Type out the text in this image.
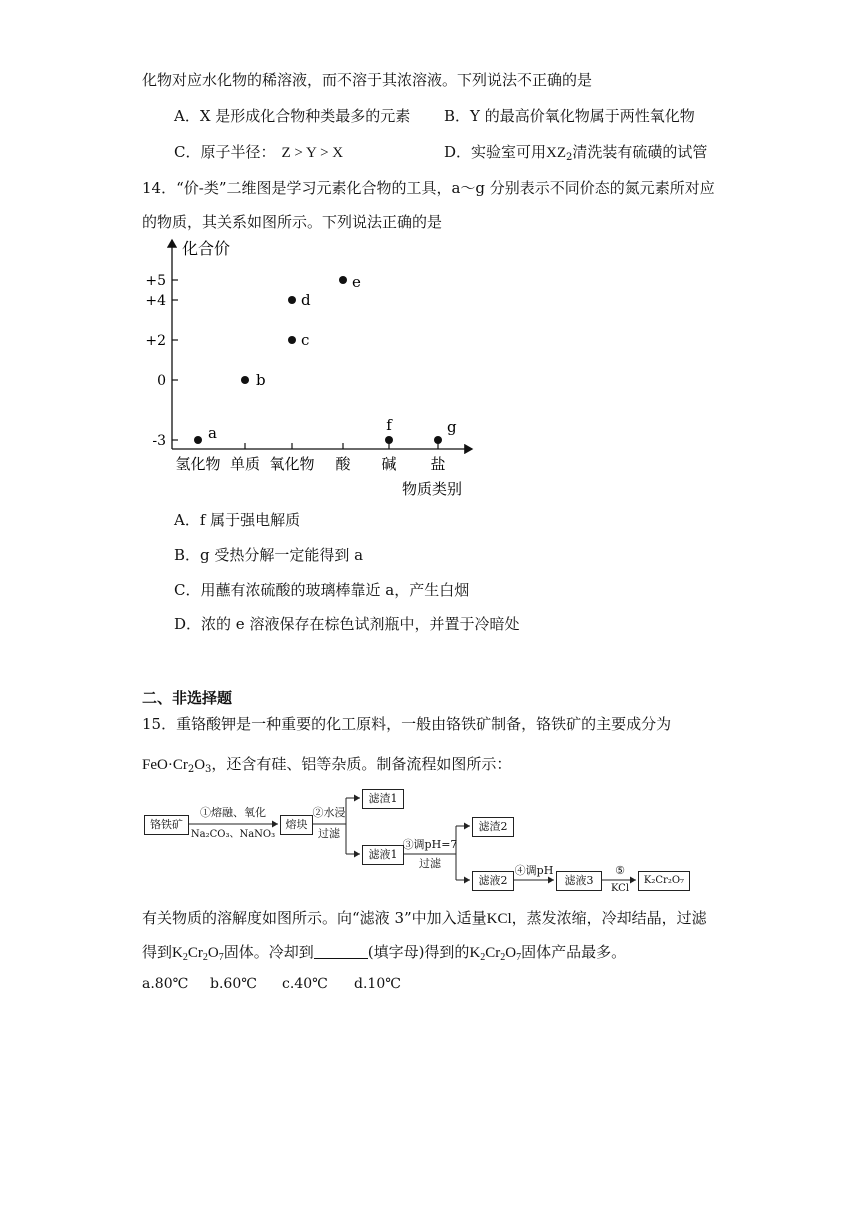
化物对应水化物的稀溶液，而不溶于其浓溶液。下列说法不正确的是
A．X 是形成化合物种类最多的元素 B．Y 的最高价氧化物属于两性氧化物
C．原子半径： Z > Y > X	D．实验室可用$XZ_2$清洗装有硫磺的试管
14．“价-类”二维图是学习元素化合物的工具，a～g 分别表示不同价态的氮元素所对应
的物质，其关系如图所示。下列说法正确的是
化合价
物质类别
+5
+4
+2
0
-3
氢化物 单质 氧化物 酸 碱 盐
a
b
c
d
e
f	g
A．f 属于强电解质
B．g 受热分解一定能得到 a
C．用蘸有浓硫酸的玻璃棒靠近 a，产生白烟
D．浓的 e 溶液保存在棕色试剂瓶中，并置于冷暗处
二、非选择题
15．重铬酸钾是一种重要的化工原料，一般由铬铁矿制备，铬铁矿的主要成分为
$FeO\cdot Cr_2O_3$，还含有硅、铝等杂质。制备流程如图所示：
铬铁矿
①熔融、氧化
Na₂CO₃、NaNO₃
熔块
②水浸
过滤
滤渣1
滤液1
③调pH=7
过滤
滤渣2
滤液2
④调pH
滤液3
⑤
KCl
K₂Cr₂O₇
有关物质的溶解度如图所示。向“滤液 3”中加入适量KCl，蒸发浓缩，冷却结晶，过滤
得到$K_2Cr_2O_7$固体。冷却到	(填字母)得到的$K_2Cr_2O_7$固体产品最多。
a.80℃ b.60℃ c.40℃ d.10℃
